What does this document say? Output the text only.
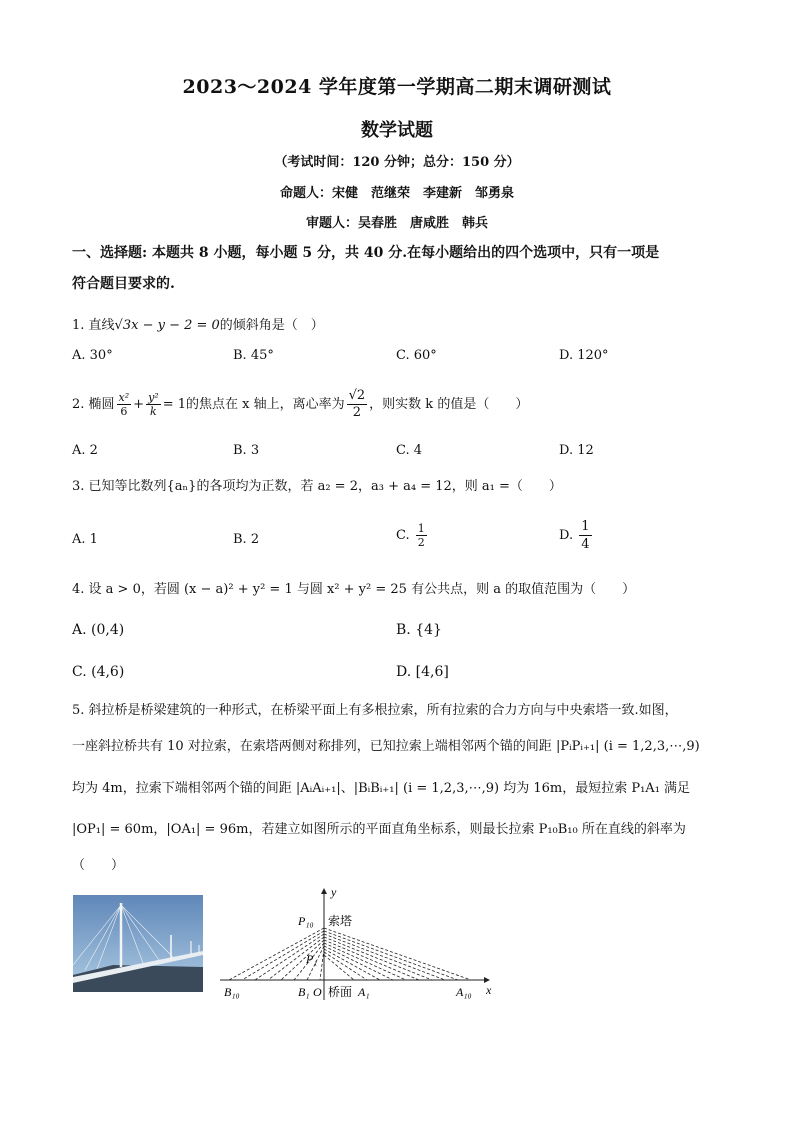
2023～2024 学年度第一学期高二期末调研测试
数学试题
（考试时间：120 分钟；总分：150 分）
命题人：宋健　范继荣　李建新　邹勇泉
审题人：吴春胜　唐咸胜　韩兵
一、选择题: 本题共 8 小题，每小题 5 分，共 40 分.在每小题给出的四个选项中，只有一项是
符合题目要求的.
1. 直线√3x − y − 2 = 0的倾斜角是（　）
A. 30°	B. 45°	C. 60°	D. 120°
2. 椭圆 $\frac{\text{x²}}{6} + \frac{\text{y²}}{k} = 1$的焦点在 x 轴上，离心率为 $\frac{√2}{2}$ ，则实数 k 的值是（　　）
A. 2	B. 3	C. 4	D. 12
3. 已知等比数列{aₙ}的各项均为正数，若 a₂ = 2，a₃ + a₄ = 12，则 a₁ =（　　）
A. 1	B. 2	C. $\frac{1}{2}$	D. $\frac{1}{4}$
4. 设 a > 0，若圆 (x − a)² + y² = 1 与圆 x² + y² = 25 有公共点，则 a 的取值范围为（　　）
A. (0,4)	B. {4}
C. (4,6)	D. [4,6]
5. 斜拉桥是桥梁建筑的一种形式，在桥梁平面上有多根拉索，所有拉索的合力方向与中央索塔一致.如图，
一座斜拉桥共有 10 对拉索，在索塔两侧对称排列，已知拉索上端相邻两个锚的间距 |PᵢPᵢ₊₁| (i = 1,2,3,⋯,9)
均为 4m，拉索下端相邻两个锚的间距 |AᵢAᵢ₊₁|、|BᵢBᵢ₊₁| (i = 1,2,3,⋯,9) 均为 16m，最短拉索 P₁A₁ 满足
|OP₁| = 60m，|OA₁| = 96m，若建立如图所示的平面直角坐标系，则最长拉索 P₁₀B₁₀ 所在直线的斜率为
（　　）
y
x
P₁₀ 索塔
P₁
B₁₀	B₁ O 桥面 A₁	A₁₀
